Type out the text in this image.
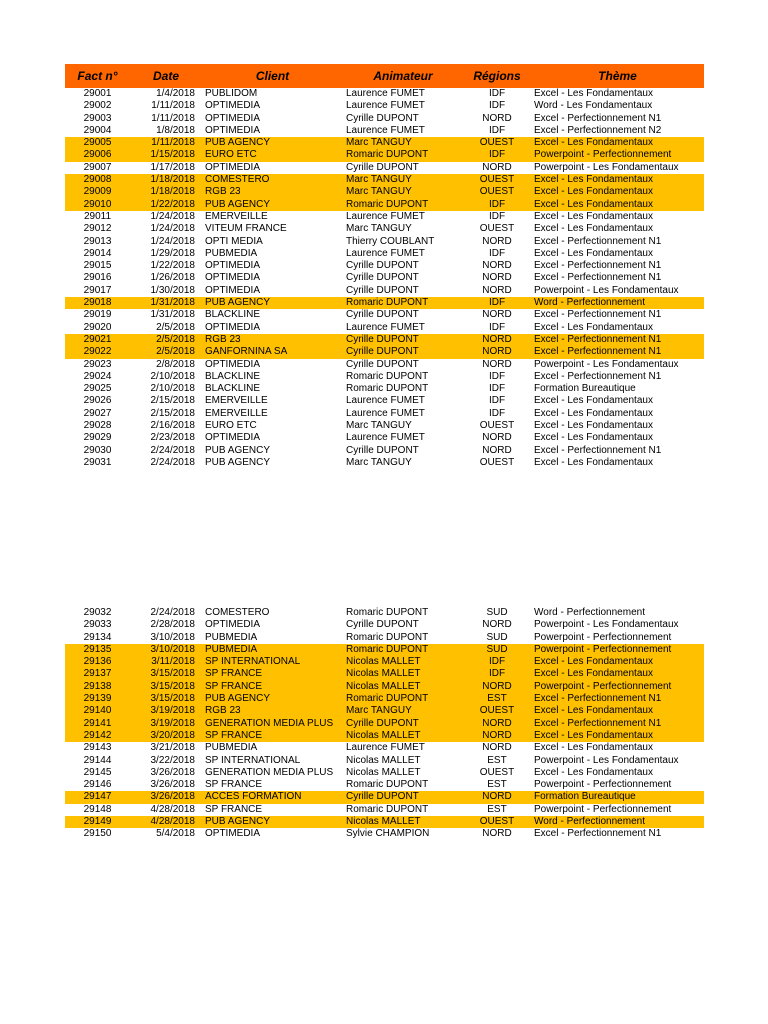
Fact n°	Date	Client	Animateur	Régions	Thème
29001	1/4/2018	PUBLIDOM	Laurence FUMET	IDF	Excel - Les Fondamentaux
29002	1/11/2018	OPTIMEDIA	Laurence FUMET	IDF	Word - Les Fondamentaux
29003	1/11/2018	OPTIMEDIA	Cyrille DUPONT	NORD	Excel - Perfectionnement N1
29004	1/8/2018	OPTIMEDIA	Laurence FUMET	IDF	Excel - Perfectionnement N2
29005	1/11/2018	PUB AGENCY	Marc TANGUY	OUEST	Excel - Les Fondamentaux
29006	1/15/2018	EURO ETC	Romaric DUPONT	IDF	Powerpoint - Perfectionnement
29007	1/17/2018	OPTIMEDIA	Cyrille DUPONT	NORD	Powerpoint - Les Fondamentaux
29008	1/18/2018	COMESTERO	Marc TANGUY	OUEST	Excel - Les Fondamentaux
29009	1/18/2018	RGB 23	Marc TANGUY	OUEST	Excel - Les Fondamentaux
29010	1/22/2018	PUB AGENCY	Romaric DUPONT	IDF	Excel - Les Fondamentaux
29011	1/24/2018	EMERVEILLE	Laurence FUMET	IDF	Excel - Les Fondamentaux
29012	1/24/2018	VITEUM FRANCE	Marc TANGUY	OUEST	Excel - Les Fondamentaux
29013	1/24/2018	OPTI MEDIA	Thierry COUBLANT	NORD	Excel - Perfectionnement N1
29014	1/29/2018	PUBMEDIA	Laurence FUMET	IDF	Excel - Les Fondamentaux
29015	1/22/2018	OPTIMEDIA	Cyrille DUPONT	NORD	Excel - Perfectionnement N1
29016	1/26/2018	OPTIMEDIA	Cyrille DUPONT	NORD	Excel - Perfectionnement N1
29017	1/30/2018	OPTIMEDIA	Cyrille DUPONT	NORD	Powerpoint - Les Fondamentaux
29018	1/31/2018	PUB AGENCY	Romaric DUPONT	IDF	Word - Perfectionnement
29019	1/31/2018	BLACKLINE	Cyrille DUPONT	NORD	Excel - Perfectionnement N1
29020	2/5/2018	OPTIMEDIA	Laurence FUMET	IDF	Excel - Les Fondamentaux
29021	2/5/2018	RGB 23	Cyrille DUPONT	NORD	Excel - Perfectionnement N1
29022	2/5/2018	GANFORNINA SA	Cyrille DUPONT	NORD	Excel - Perfectionnement N1
29023	2/8/2018	OPTIMEDIA	Cyrille DUPONT	NORD	Powerpoint - Les Fondamentaux
29024	2/10/2018	BLACKLINE	Romaric DUPONT	IDF	Excel - Perfectionnement N1
29025	2/10/2018	BLACKLINE	Romaric DUPONT	IDF	Formation Bureautique
29026	2/15/2018	EMERVEILLE	Laurence FUMET	IDF	Excel - Les Fondamentaux
29027	2/15/2018	EMERVEILLE	Laurence FUMET	IDF	Excel - Les Fondamentaux
29028	2/16/2018	EURO ETC	Marc TANGUY	OUEST	Excel - Les Fondamentaux
29029	2/23/2018	OPTIMEDIA	Laurence FUMET	NORD	Excel - Les Fondamentaux
29030	2/24/2018	PUB AGENCY	Cyrille DUPONT	NORD	Excel - Perfectionnement N1
29031	2/24/2018	PUB AGENCY	Marc TANGUY	OUEST	Excel - Les Fondamentaux
29032	2/24/2018	COMESTERO	Romaric DUPONT	SUD	Word - Perfectionnement
29033	2/28/2018	OPTIMEDIA	Cyrille DUPONT	NORD	Powerpoint - Les Fondamentaux
29134	3/10/2018	PUBMEDIA	Romaric DUPONT	SUD	Powerpoint - Perfectionnement
29135	3/10/2018	PUBMEDIA	Romaric DUPONT	SUD	Powerpoint - Perfectionnement
29136	3/11/2018	SP INTERNATIONAL	Nicolas MALLET	IDF	Excel - Les Fondamentaux
29137	3/15/2018	SP FRANCE	Nicolas MALLET	IDF	Excel - Les Fondamentaux
29138	3/15/2018	SP FRANCE	Nicolas MALLET	NORD	Powerpoint - Perfectionnement
29139	3/15/2018	PUB AGENCY	Romaric DUPONT	EST	Excel - Perfectionnement N1
29140	3/19/2018	RGB 23	Marc TANGUY	OUEST	Excel - Les Fondamentaux
29141	3/19/2018	GENERATION MEDIA PLUS	Cyrille DUPONT	NORD	Excel - Perfectionnement N1
29142	3/20/2018	SP FRANCE	Nicolas MALLET	NORD	Excel - Les Fondamentaux
29143	3/21/2018	PUBMEDIA	Laurence FUMET	NORD	Excel - Les Fondamentaux
29144	3/22/2018	SP INTERNATIONAL	Nicolas MALLET	EST	Powerpoint - Les Fondamentaux
29145	3/26/2018	GENERATION MEDIA PLUS	Nicolas MALLET	OUEST	Excel - Les Fondamentaux
29146	3/26/2018	SP FRANCE	Romaric DUPONT	EST	Powerpoint - Perfectionnement
29147	3/26/2018	ACCES FORMATION	Cyrille DUPONT	NORD	Formation Bureautique
29148	4/28/2018	SP FRANCE	Romaric DUPONT	EST	Powerpoint - Perfectionnement
29149	4/28/2018	PUB AGENCY	Nicolas MALLET	OUEST	Word - Perfectionnement
29150	5/4/2018	OPTIMEDIA	Sylvie CHAMPION	NORD	Excel - Perfectionnement N1
